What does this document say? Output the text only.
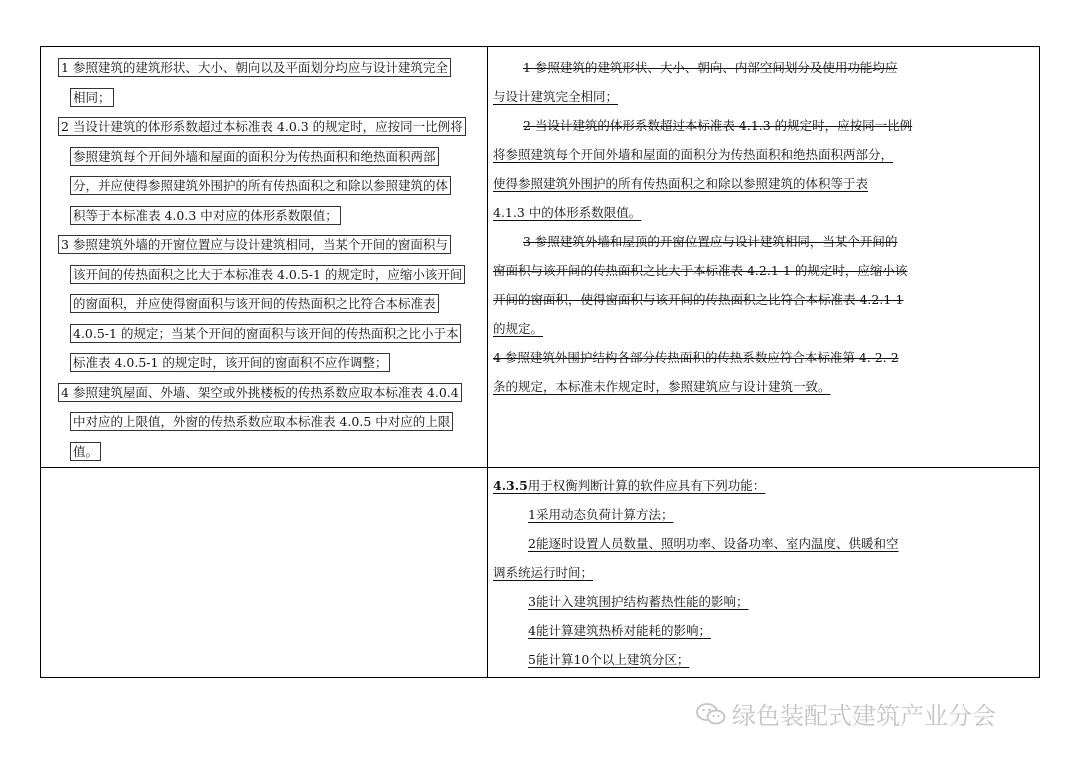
1 参照建筑的建筑形状、大小、朝向以及平面划分均应与设计建筑完全
相同；
2 当设计建筑的体形系数超过本标准表 4.0.3 的规定时，应按同一比例将
参照建筑每个开间外墙和屋面的面积分为传热面积和绝热面积两部
分，并应使得参照建筑外围护的所有传热面积之和除以参照建筑的体
积等于本标准表 4.0.3 中对应的体形系数限值；
3 参照建筑外墙的开窗位置应与设计建筑相同，当某个开间的窗面积与
该开间的传热面积之比大于本标准表 4.0.5-1 的规定时，应缩小该开间
的窗面积，并应使得窗面积与该开间的传热面积之比符合本标准表
4.0.5-1 的规定；当某个开间的窗面积与该开间的传热面积之比小于本
标准表 4.0.5-1 的规定时，该开间的窗面积不应作调整；
4 参照建筑屋面、外墙、架空或外挑楼板的传热系数应取本标准表 4.0.4
中对应的上限值，外窗的传热系数应取本标准表 4.0.5 中对应的上限
值。
1 参照建筑的建筑形状、大小、朝向、内部空间划分及使用功能均应
与设计建筑完全相同；
2 当设计建筑的体形系数超过本标准表 4.1.3 的规定时，应按同一比例
将参照建筑每个开间外墙和屋面的面积分为传热面积和绝热面积两部分，
使得参照建筑外围护的所有传热面积之和除以参照建筑的体积等于表
4.1.3 中的体形系数限值。
3 参照建筑外墙和屋顶的开窗位置应与设计建筑相同，当某个开间的
窗面积与该开间的传热面积之比大于本标准表 4.2.1-1 的规定时，应缩小该
开间的窗面积，使得窗面积与该开间的传热面积之比符合本标准表 4.2.1-1
的规定。
4 参照建筑外围护结构各部分传热面积的传热系数应符合本标准第 4. 2. 2
条的规定，本标准未作规定时，参照建筑应与设计建筑一致。
4.3.5用于权衡判断计算的软件应具有下列功能：
1采用动态负荷计算方法；
2能逐时设置人员数量、照明功率、设备功率、室内温度、供暖和空
调系统运行时间；
3能计入建筑围护结构蓄热性能的影响；
4能计算建筑热桥对能耗的影响；
5能计算10个以上建筑分区；
绿色装配式建筑产业分会
